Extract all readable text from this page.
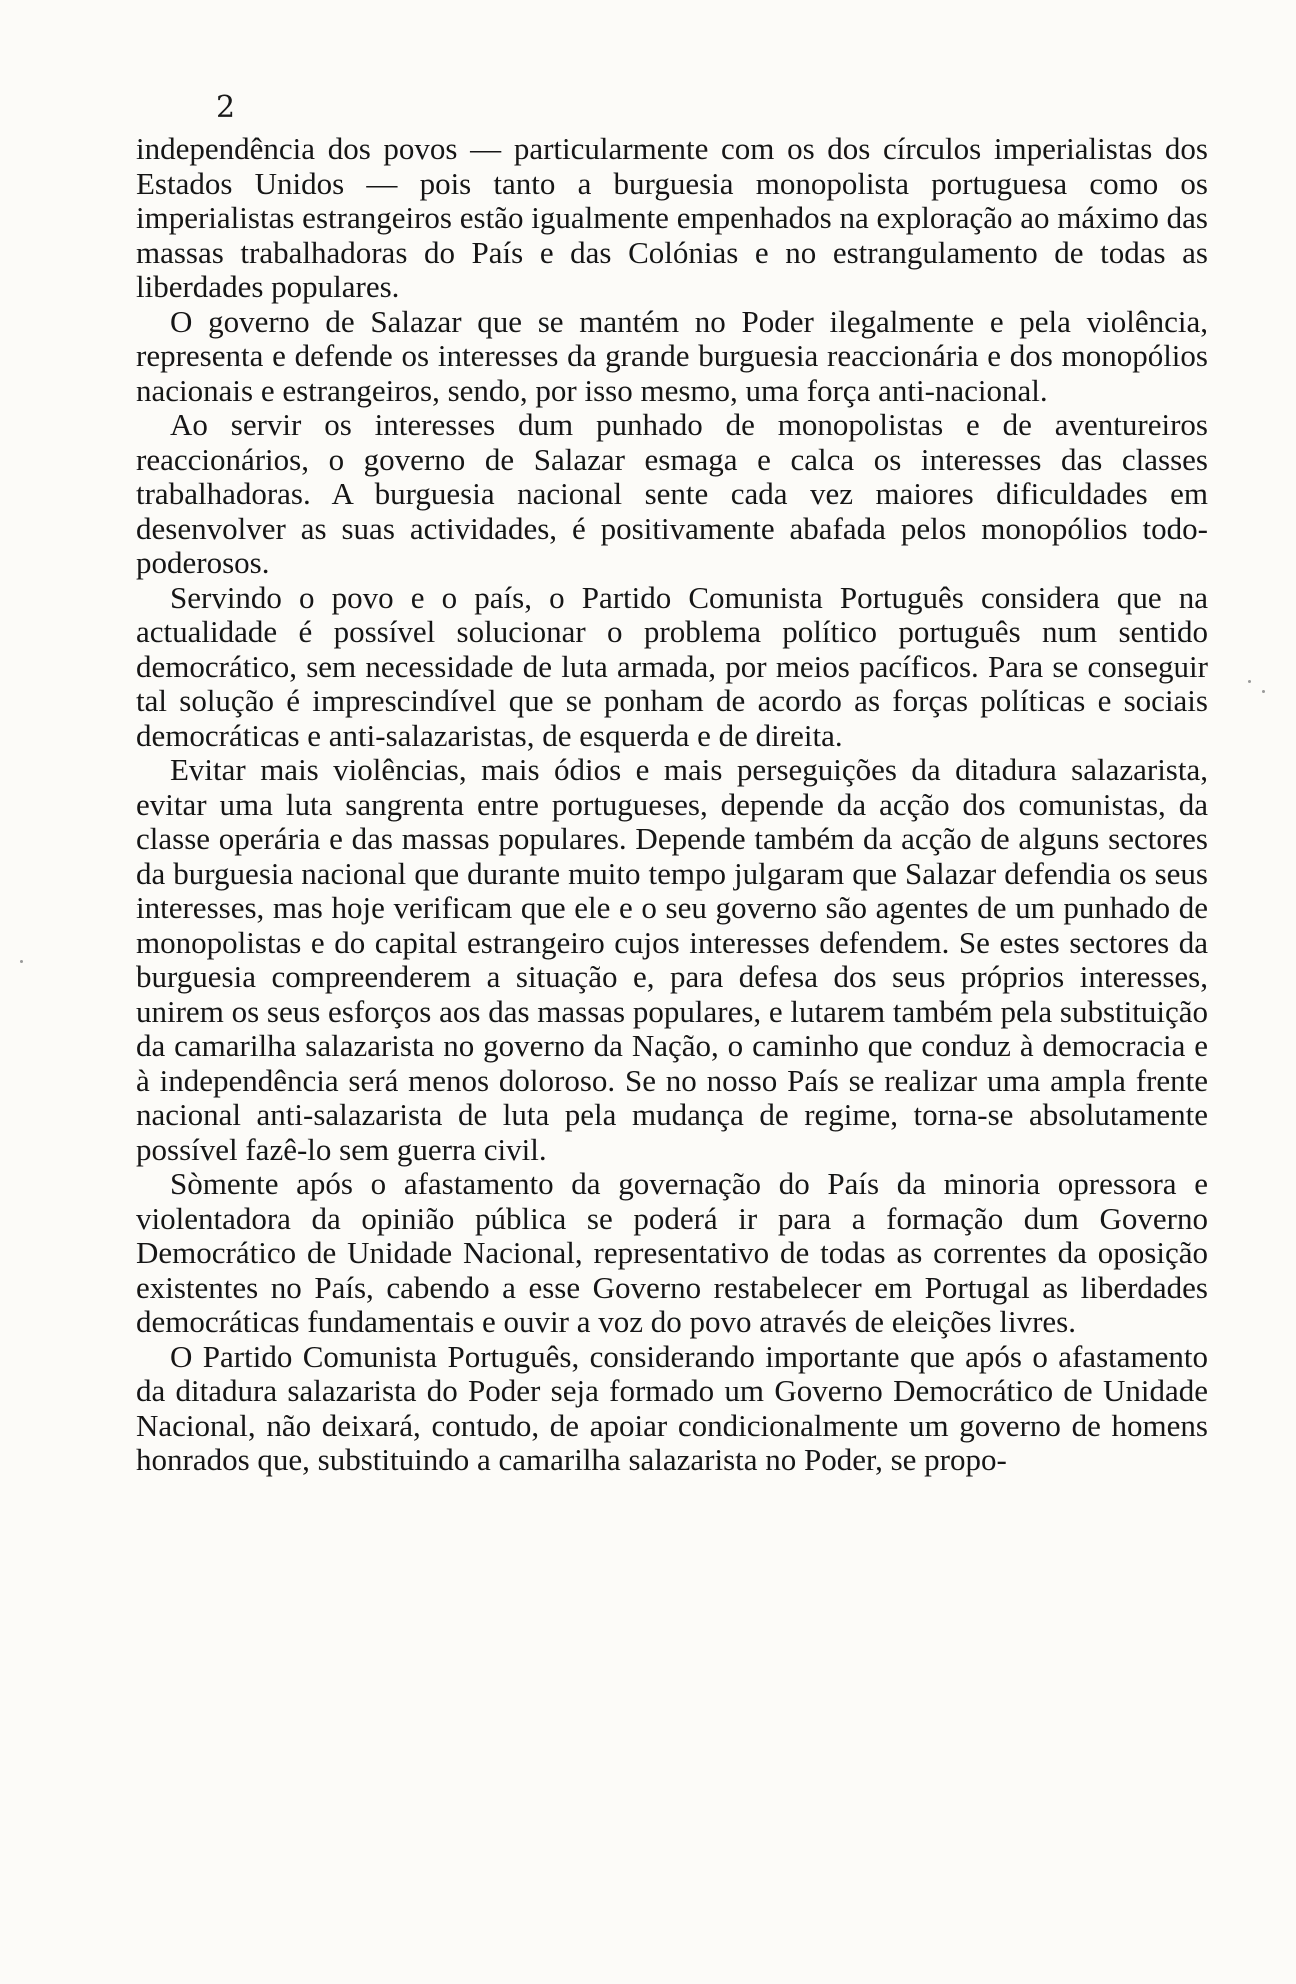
2

independência dos povos — particularmente com os dos círculos imperialistas dos Estados Unidos — pois tanto a burguesia monopolista portuguesa como os imperialistas estrangeiros estão igualmente empenhados na exploração ao máximo das massas trabalhadoras do País e das Colónias e no estrangulamento de todas as liberdades populares.

O governo de Salazar que se mantém no Poder ilegalmente e pela violência, representa e defende os interesses da grande burguesia reaccionária e dos monopólios nacionais e estrangeiros, sendo, por isso mesmo, uma força anti-nacional.

Ao servir os interesses dum punhado de monopolistas e de aventureiros reaccionários, o governo de Salazar esmaga e calca os interesses das classes trabalhadoras. A burguesia nacional sente cada vez maiores dificuldades em desenvolver as suas actividades, é positivamente abafada pelos monopólios todo-poderosos.

Servindo o povo e o país, o Partido Comunista Português considera que na actualidade é possível solucionar o problema político português num sentido democrático, sem necessidade de luta armada, por meios pacíficos. Para se conseguir tal solução é imprescindível que se ponham de acordo as forças políticas e sociais democráticas e anti-salazaristas, de esquerda e de direita.

Evitar mais violências, mais ódios e mais perseguições da ditadura salazarista, evitar uma luta sangrenta entre portugueses, depende da acção dos comunistas, da classe operária e das massas populares. Depende também da acção de alguns sectores da burguesia nacional que durante muito tempo julgaram que Salazar defendia os seus interesses, mas hoje verificam que ele e o seu governo são agentes de um punhado de monopolistas e do capital estrangeiro cujos interesses defendem. Se estes sectores da burguesia compreenderem a situação e, para defesa dos seus próprios interesses, unirem os seus esforços aos das massas populares, e lutarem também pela substituição da camarilha salazarista no governo da Nação, o caminho que conduz à democracia e à independência será menos doloroso. Se no nosso País se realizar uma ampla frente nacional anti-salazarista de luta pela mudança de regime, torna-se absolutamente possível fazê-lo sem guerra civil.

Sòmente após o afastamento da governação do País da minoria opressora e violentadora da opinião pública se poderá ir para a formação dum Governo Democrático de Unidade Nacional, representativo de todas as correntes da oposição existentes no País, cabendo a esse Governo restabelecer em Portugal as liberdades democráticas fundamentais e ouvir a voz do povo através de eleições livres.

O Partido Comunista Português, considerando importante que após o afastamento da ditadura salazarista do Poder seja formado um Governo Democrático de Unidade Nacional, não deixará, contudo, de apoiar condicionalmente um governo de homens honrados que, substituindo a camarilha salazarista no Poder, se propo-
